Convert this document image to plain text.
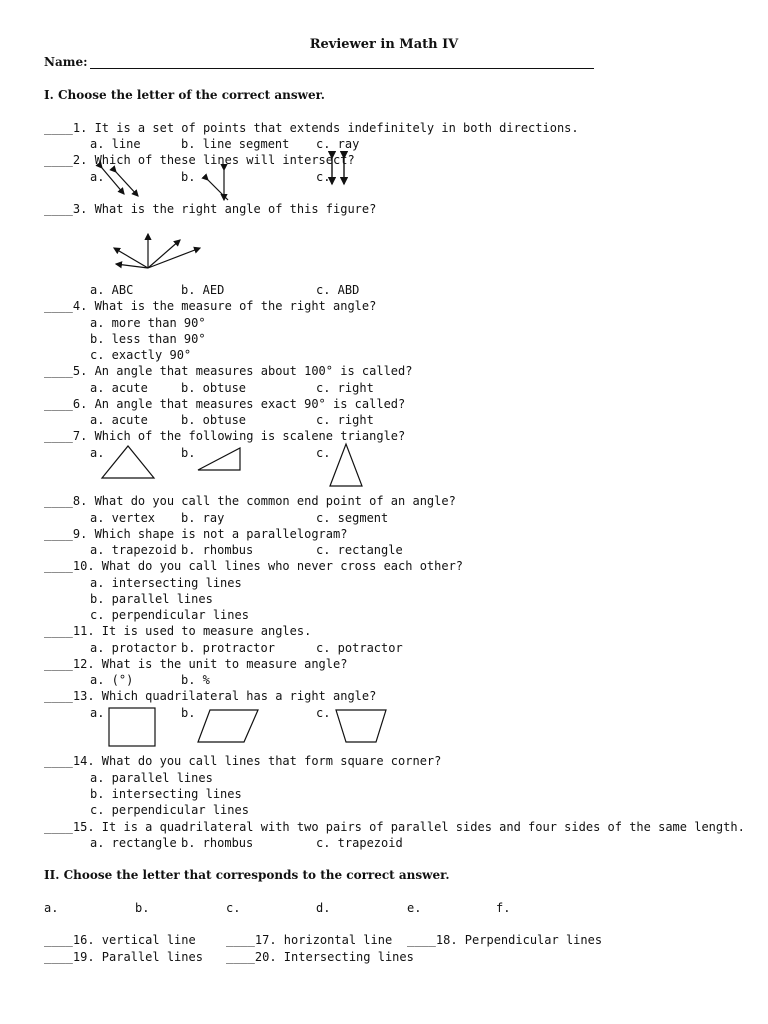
Reviewer in Math IV
Name:
I. Choose the letter of the correct answer.
____1. It is a set of points that extends indefinitely in both directions.
a. line	b. line segment c. ray
____2. Which of these lines will intersect?
a.	b.	c.
____3. What is the right angle of this figure?
a. ABC	b. AED	c. ABD
____4. What is the measure of the right angle?
a. more than 90°
b. less than 90°
c. exactly 90°
____5. An angle that measures about 100° is called?
a. acute	b. obtuse	c. right
____6. An angle that measures exact 90° is called?
a. acute	b. obtuse	c. right
____7. Which of the following is scalene triangle?
a.	b.	c.
____8. What do you call the common end point of an angle?
a. vertex b. ray	c. segment
____9. Which shape is not a parallelogram?
a. trapezoid b. rhombus	c. rectangle
____10. What do you call lines who never cross each other?
a. intersecting lines
b. parallel lines
c. perpendicular lines
____11. It is used to measure angles.
a. protactor b. protractor	c. potractor
____12. What is the unit to measure angle?
a. (°)	b. %
____13. Which quadrilateral has a right angle?
a.	b.	c.
____14. What do you call lines that form square corner?
a. parallel lines
b. intersecting lines
c. perpendicular lines
____15. It is a quadrilateral with two pairs of parallel sides and four sides of the same length.
a. rectangle b. rhombus	c. trapezoid
II. Choose the letter that corresponds to the correct answer.
a.	b.	c.	d.	e.	f.
____16. vertical line	____17. horizontal line ____18. Perpendicular lines
____19. Parallel lines ____20. Intersecting lines
